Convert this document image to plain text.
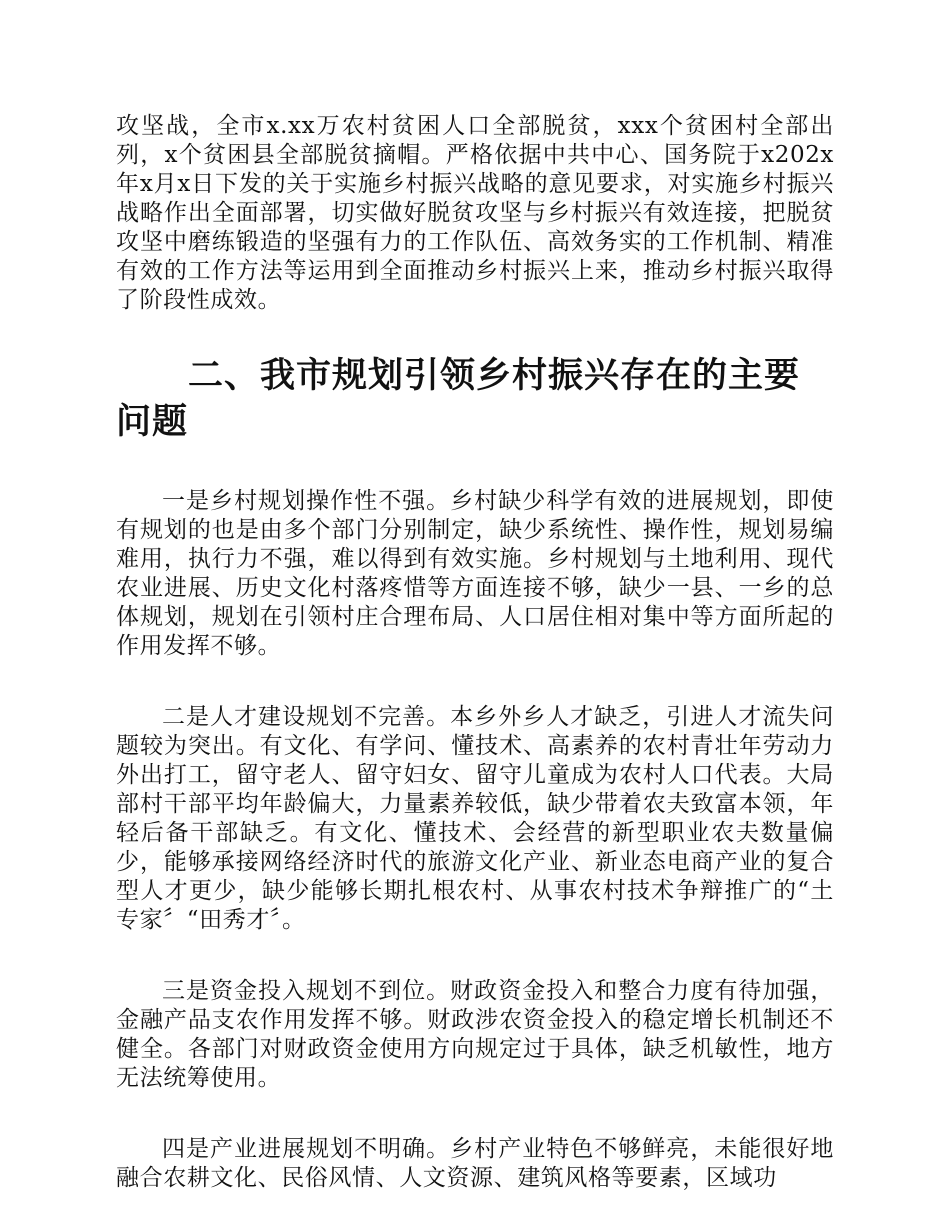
攻坚战，全市x.xx万农村贫困人口全部脱贫，xxx个贫困村全部出列，x个贫困县全部脱贫摘帽。严格依据中共中心、国务院于x202x年x月x日下发的关于实施乡村振兴战略的意见要求，对实施乡村振兴战略作出全面部署，切实做好脱贫攻坚与乡村振兴有效连接，把脱贫攻坚中磨练锻造的坚强有力的工作队伍、高效务实的工作机制、精准有效的工作方法等运用到全面推动乡村振兴上来，推动乡村振兴取得了阶段性成效。

二、我市规划引领乡村振兴存在的主要问题

一是乡村规划操作性不强。乡村缺少科学有效的进展规划，即使有规划的也是由多个部门分别制定，缺少系统性、操作性，规划易编难用，执行力不强，难以得到有效实施。乡村规划与土地利用、现代农业进展、历史文化村落疼惜等方面连接不够，缺少一县、一乡的总体规划，规划在引领村庄合理布局、人口居住相对集中等方面所起的作用发挥不够。

二是人才建设规划不完善。本乡外乡人才缺乏，引进人才流失问题较为突出。有文化、有学问、懂技术、高素养的农村青壮年劳动力外出打工，留守老人、留守妇女、留守儿童成为农村人口代表。大局部村干部平均年龄偏大，力量素养较低，缺少带着农夫致富本领，年轻后备干部缺乏。有文化、懂技术、会经营的新型职业农夫数量偏少，能够承接网络经济时代的旅游文化产业、新业态电商产业的复合型人才更少，缺少能够长期扎根农村、从事农村技术争辩推广的“土专家〞“田秀才〞。

三是资金投入规划不到位。财政资金投入和整合力度有待加强，金融产品支农作用发挥不够。财政涉农资金投入的稳定增长机制还不健全。各部门对财政资金使用方向规定过于具体，缺乏机敏性，地方无法统筹使用。

四是产业进展规划不明确。乡村产业特色不够鲜亮，未能很好地融合农耕文化、民俗风情、人文资源、建筑风格等要素，区域功
